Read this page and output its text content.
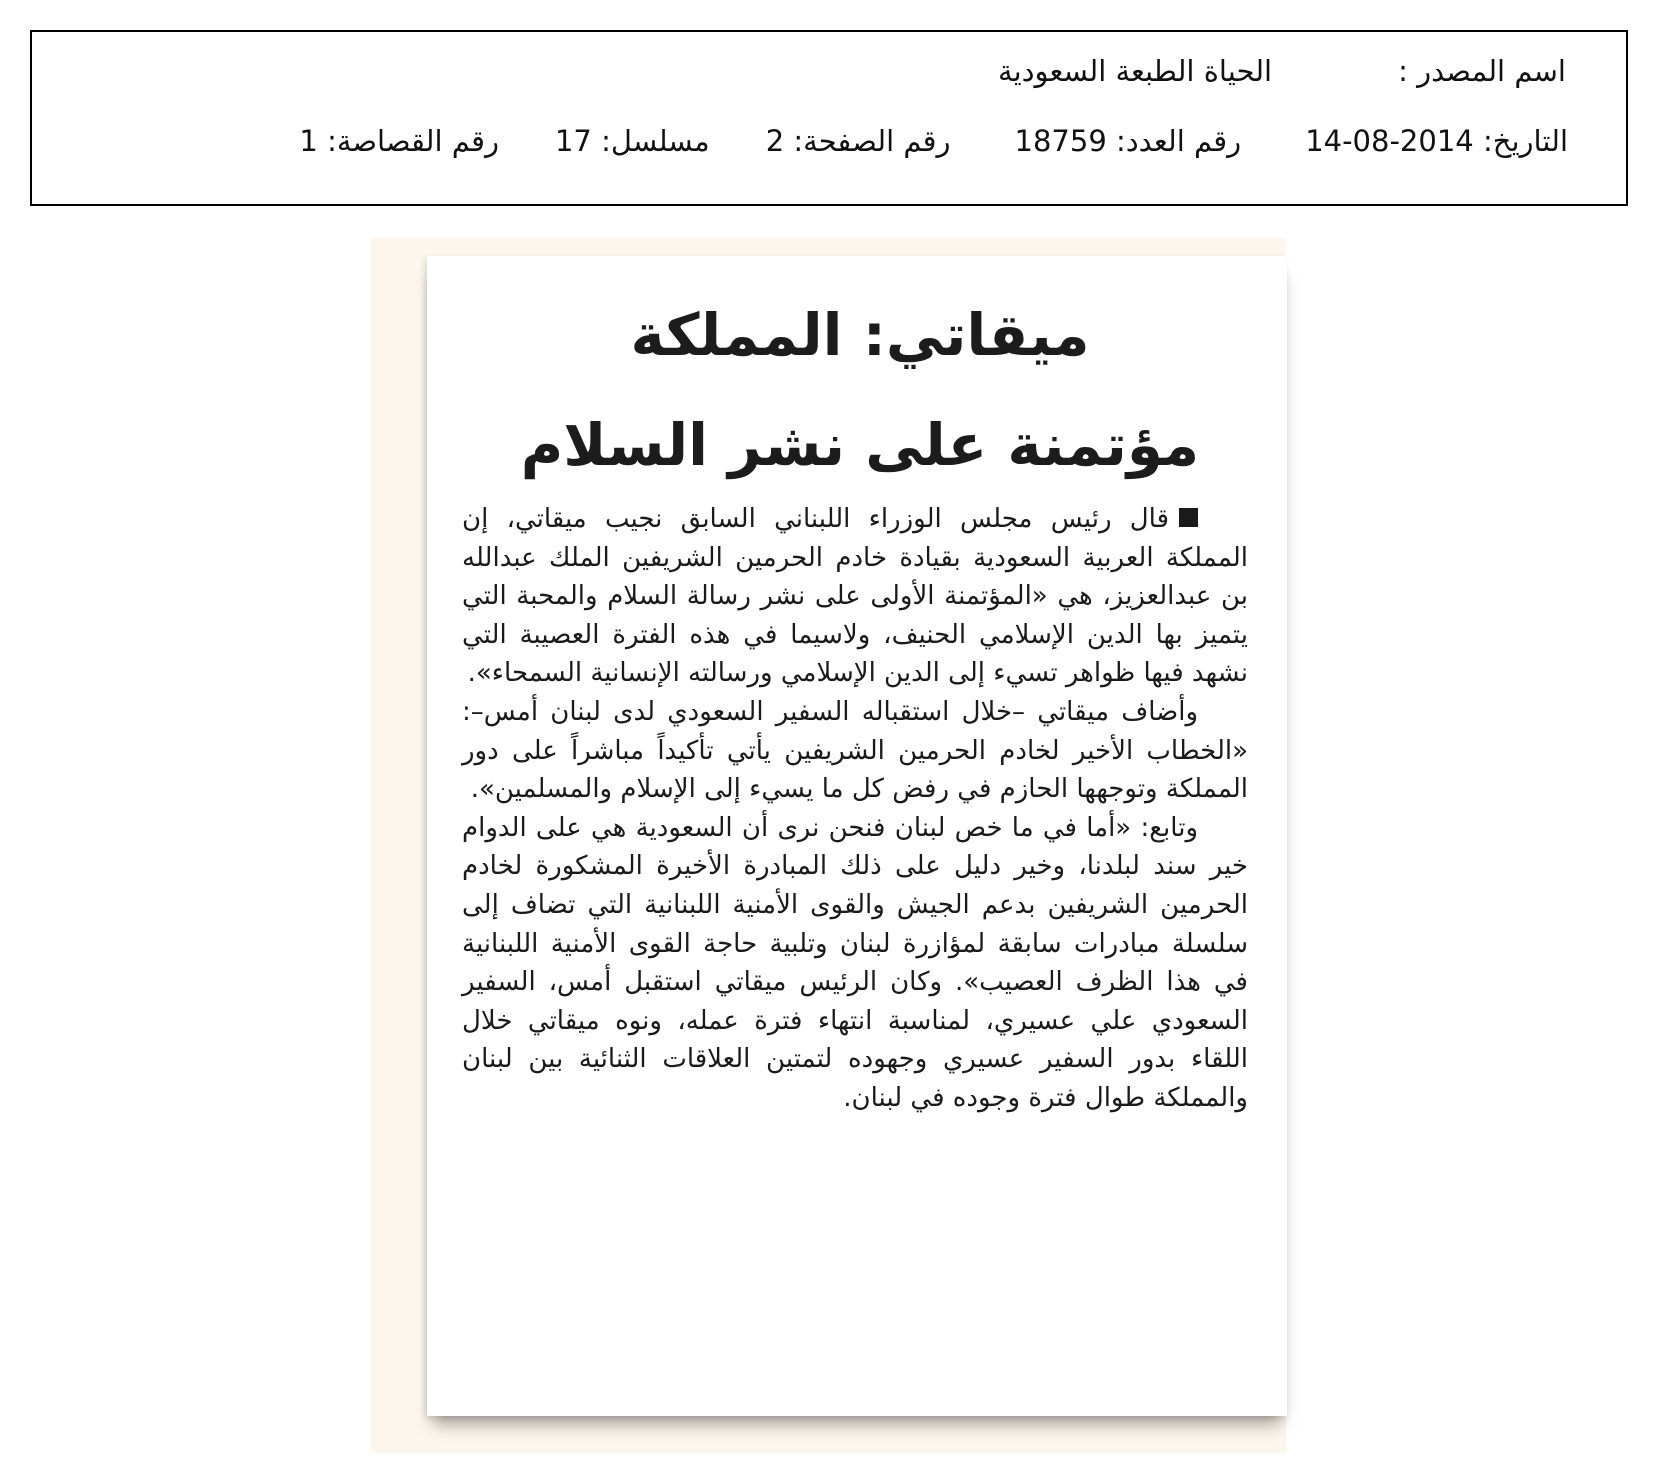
اسم المصدر :
الحياة الطبعة السعودية
التاريخ:

14-08-2014
رقم العدد:

18759
رقم الصفحة:

2
مسلسل:

17
رقم القصاصة:

1
ميقاتي: المملكة
مؤتمنة على نشر السلام

قال رئيس مجلس الوزراء اللبناني السابق نجيب ميقاتي، إن المملكة العربية السعودية بقيادة خادم الحرمين الشريفين الملك عبدالله بن عبدالعزيز، هي «المؤتمنة الأولى على نشر رسالة السلام والمحبة التي يتميز بها الدين الإسلامي الحنيف، ولاسيما في هذه الفترة العصيبة التي نشهد فيها ظواهر تسيء إلى الدين الإسلامي ورسالته الإنسانية السمحاء».

وأضاف ميقاتي –خلال استقباله السفير السعودي لدى لبنان أمس–: «الخطاب الأخير لخادم الحرمين الشريفين يأتي تأكيداً مباشراً على دور المملكة وتوجهها الحازم في رفض كل ما يسيء إلى الإسلام والمسلمين».

وتابع: «أما في ما خص لبنان فنحن نرى أن السعودية هي على الدوام خير سند لبلدنا، وخير دليل على ذلك المبادرة الأخيرة المشكورة لخادم الحرمين الشريفين بدعم الجيش والقوى الأمنية اللبنانية التي تضاف إلى سلسلة مبادرات سابقة لمؤازرة لبنان وتلبية حاجة القوى الأمنية اللبنانية في هذا الظرف العصيب». وكان الرئيس ميقاتي استقبل أمس، السفير السعودي علي عسيري، لمناسبة انتهاء فترة عمله، ونوه ميقاتي خلال اللقاء بدور السفير عسيري وجهوده لتمتين العلاقات الثنائية بين لبنان والمملكة طوال فترة وجوده في لبنان.
